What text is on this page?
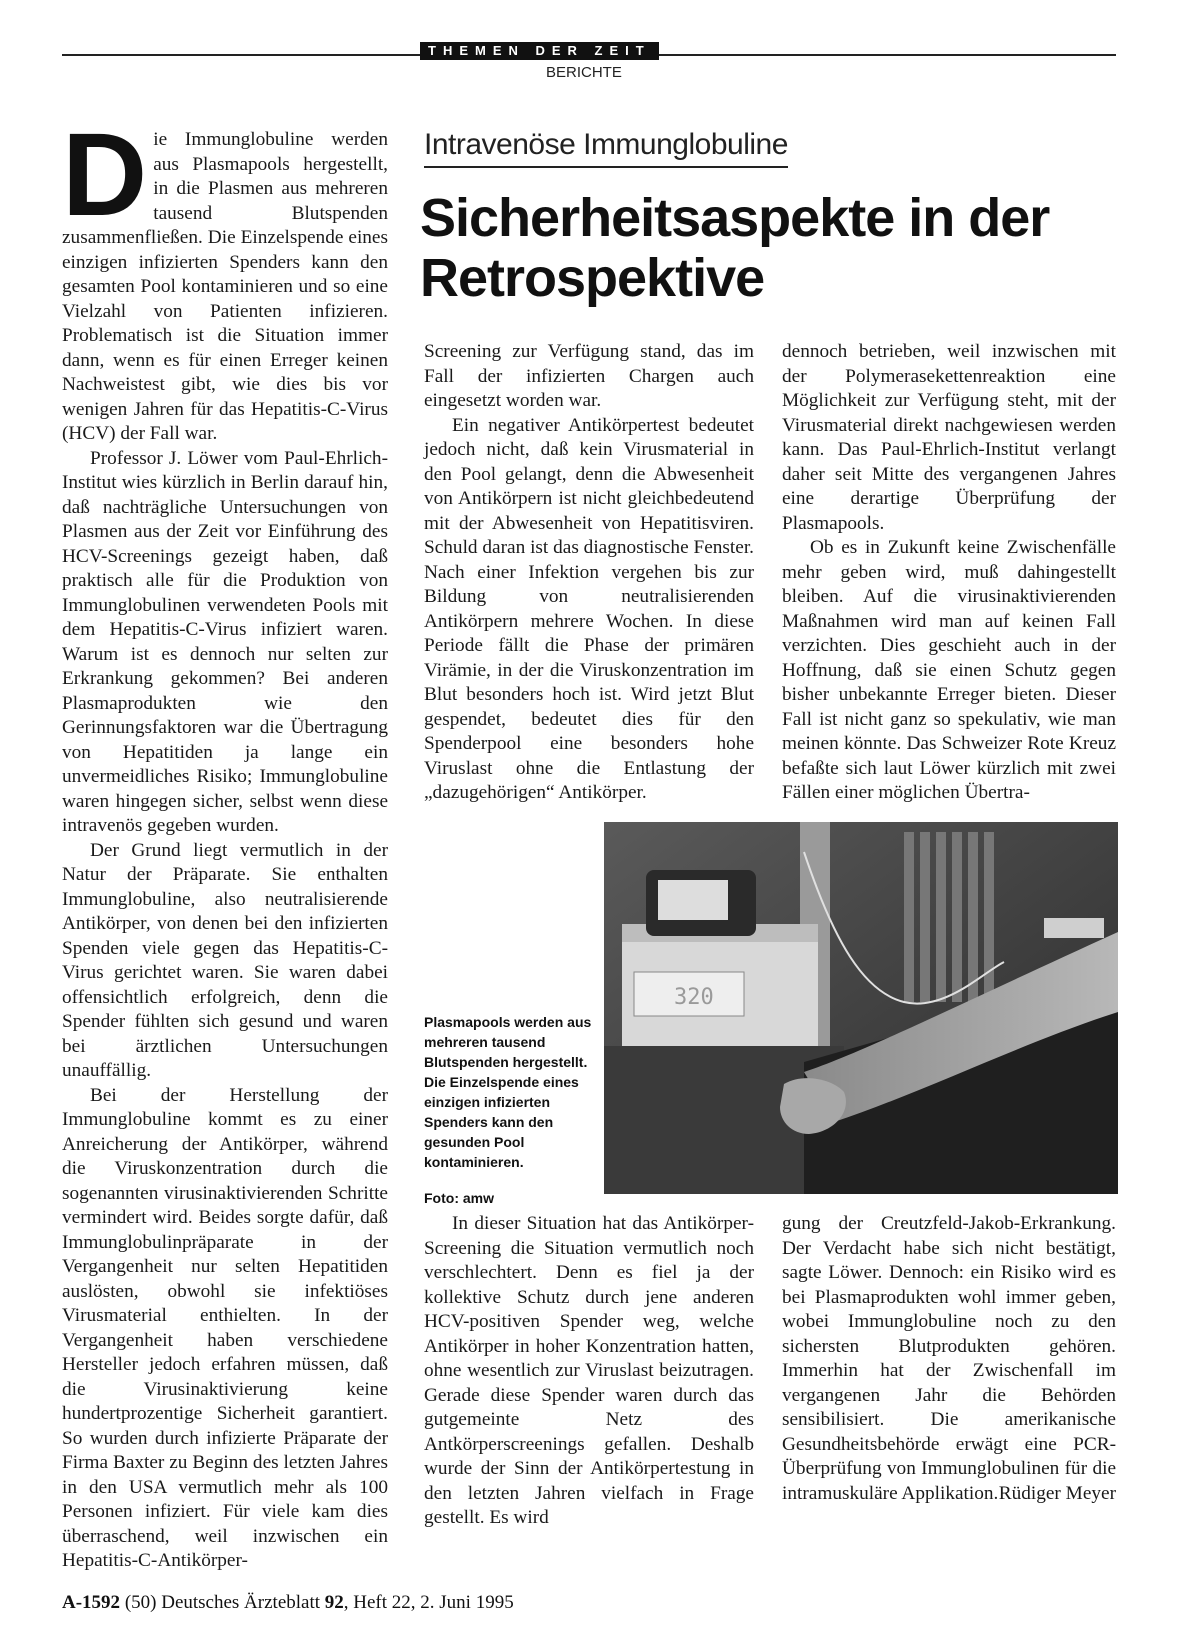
THEMEN DER ZEIT
BERICHTE

Die Immunglobuline werden aus Plasmapools hergestellt, in die Plasmen aus mehreren tausend Blutspenden zusammenfließen. Die Einzelspende eines einzigen infizierten Spenders kann den gesamten Pool kontaminieren und so eine Vielzahl von Patienten infizieren. Problematisch ist die Situation immer dann, wenn es für einen Erreger keinen Nachweistest gibt, wie dies bis vor wenigen Jahren für das Hepatitis-C-Virus (HCV) der Fall war.

Professor J. Löwer vom Paul-Ehrlich-Institut wies kürzlich in Berlin darauf hin, daß nachträgliche Untersuchungen von Plasmen aus der Zeit vor Einführung des HCV-Screenings gezeigt haben, daß praktisch alle für die Produktion von Immunglobulinen verwendeten Pools mit dem Hepatitis-C-Virus infiziert waren. Warum ist es dennoch nur selten zur Erkrankung gekommen? Bei anderen Plasmaprodukten wie den Gerinnungsfaktoren war die Übertragung von Hepatitiden ja lange ein unvermeidliches Risiko; Immunglobuline waren hingegen sicher, selbst wenn diese intravenös gegeben wurden.

Der Grund liegt vermutlich in der Natur der Präparate. Sie enthalten Immunglobuline, also neutralisierende Antikörper, von denen bei den infizierten Spenden viele gegen das Hepatitis-C-Virus gerichtet waren. Sie waren dabei offensichtlich erfolgreich, denn die Spender fühlten sich gesund und waren bei ärztlichen Untersuchungen unauffällig.

Bei der Herstellung der Immunglobuline kommt es zu einer Anreicherung der Antikörper, während die Viruskonzentration durch die sogenannten virusinaktivierenden Schritte vermindert wird. Beides sorgte dafür, daß Immunglobulinpräparate in der Vergangenheit nur selten Hepatitiden auslösten, obwohl sie infektiöses Virusmaterial enthielten. In der Vergangenheit haben verschiedene Hersteller jedoch erfahren müssen, daß die Virusinaktivierung keine hundertprozentige Sicherheit garantiert. So wurden durch infizierte Präparate der Firma Baxter zu Beginn des letzten Jahres in den USA vermutlich mehr als 100 Personen infiziert. Für viele kam dies überraschend, weil inzwischen ein Hepatitis-C-Antikörper-

Intravenöse Immunglobuline
Sicherheitsaspekte in der Retrospektive

Screening zur Verfügung stand, das im Fall der infizierten Chargen auch eingesetzt worden war.

Ein negativer Antikörpertest bedeutet jedoch nicht, daß kein Virusmaterial in den Pool gelangt, denn die Abwesenheit von Antikörpern ist nicht gleichbedeutend mit der Abwesenheit von Hepatitisviren. Schuld daran ist das diagnostische Fenster. Nach einer Infektion vergehen bis zur Bildung von neutralisierenden Antikörpern mehrere Wochen. In diese Periode fällt die Phase der primären Virämie, in der die Viruskonzentration im Blut besonders hoch ist. Wird jetzt Blut gespendet, bedeutet dies für den Spenderpool eine besonders hohe Viruslast ohne die Entlastung der „dazugehörigen“ Antikörper.

dennoch betrieben, weil inzwischen mit der Polymerasekettenreaktion eine Möglichkeit zur Verfügung steht, mit der Virusmaterial direkt nachgewiesen werden kann. Das Paul-Ehrlich-Institut verlangt daher seit Mitte des vergangenen Jahres eine derartige Überprüfung der Plasmapools.

Ob es in Zukunft keine Zwischenfälle mehr geben wird, muß dahingestellt bleiben. Auf die virusinaktivierenden Maßnahmen wird man auf keinen Fall verzichten. Dies geschieht auch in der Hoffnung, daß sie einen Schutz gegen bisher unbekannte Erreger bieten. Dieser Fall ist nicht ganz so spekulativ, wie man meinen könnte. Das Schweizer Rote Kreuz befaßte sich laut Löwer kürzlich mit zwei Fällen einer möglichen Übertra-

320
Plasmapools werden aus mehreren tausend Blutspenden hergestellt. Die Einzelspende eines einzigen infizierten Spenders kann den gesunden Pool kontaminieren.
Foto: amw

In dieser Situation hat das Antikörper-Screening die Situation vermutlich noch verschlechtert. Denn es fiel ja der kollektive Schutz durch jene anderen HCV-positiven Spender weg, welche Antikörper in hoher Konzentration hatten, ohne wesentlich zur Viruslast beizutragen. Gerade diese Spender waren durch das gutgemeinte Netz des Antkörperscreenings gefallen. Deshalb wurde der Sinn der Antikörpertestung in den letzten Jahren vielfach in Frage gestellt. Es wird

gung der Creutzfeld-Jakob-Erkrankung. Der Verdacht habe sich nicht bestätigt, sagte Löwer. Dennoch: ein Risiko wird es bei Plasmaprodukten wohl immer geben, wobei Immunglobuline noch zu den sichersten Blutprodukten gehören. Immerhin hat der Zwischenfall im vergangenen Jahr die Behörden sensibilisiert. Die amerikanische Gesundheitsbehörde erwägt eine PCR-Überprüfung von Immunglobulinen für die intramuskuläre Applikation. Rüdiger Meyer

A-1592 (50) Deutsches Ärzteblatt 92, Heft 22, 2. Juni 1995
